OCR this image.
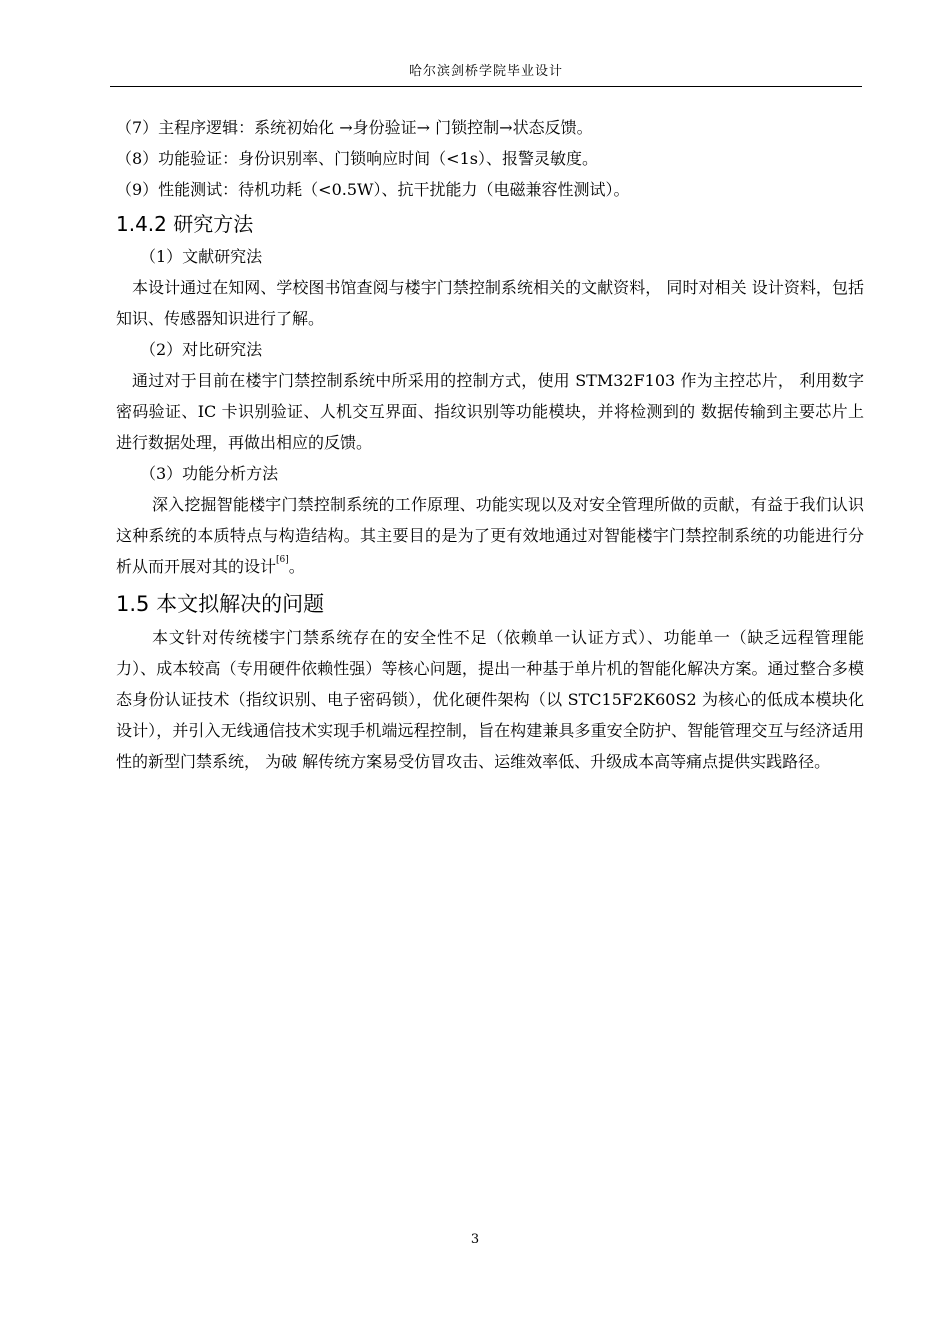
哈尔滨剑桥学院毕业设计
（7）主程序逻辑：系统初始化 →身份验证→ 门锁控制→状态反馈。
（8）功能验证：身份识别率、门锁响应时间（<1s）、报警灵敏度。
（9）性能测试：待机功耗（<0.5W）、抗干扰能力（电磁兼容性测试）。
1.4.2 研究方法
（1）文献研究法
本设计通过在知网、学校图书馆查阅与楼宇门禁控制系统相关的文献资料， 同时对相关 设计资料，包括知识、传感器知识进行了解。
（2）对比研究法
通过对于目前在楼宇门禁控制系统中所采用的控制方式，使用 STM32F103 作为主控芯片， 利用数字密码验证、IC 卡识别验证、人机交互界面、指纹识别等功能模块，并将检测到的 数据传输到主要芯片上进行数据处理，再做出相应的反馈。
（3）功能分析方法
深入挖掘智能楼宇门禁控制系统的工作原理、功能实现以及对安全管理所做的贡献，有益于我们认识这种系统的本质特点与构造结构。其主要目的是为了更有效地通过对智能楼宇门禁控制系统的功能进行分析从而开展对其的设计[6]。
1.5 本文拟解决的问题
本文针对传统楼宇门禁系统存在的安全性不足（依赖单一认证方式）、功能单一（缺乏远程管理能力）、成本较高（专用硬件依赖性强）等核心问题，提出一种基于单片机的智能化解决方案。通过整合多模态身份认证技术（指纹识别、电子密码锁），优化硬件架构（以 STC15F2K60S2 为核心的低成本模块化设计），并引入无线通信技术实现手机端远程控制，旨在构建兼具多重安全防护、智能管理交互与经济适用性的新型门禁系统， 为破 解传统方案易受仿冒攻击、运维效率低、升级成本高等痛点提供实践路径。
3
